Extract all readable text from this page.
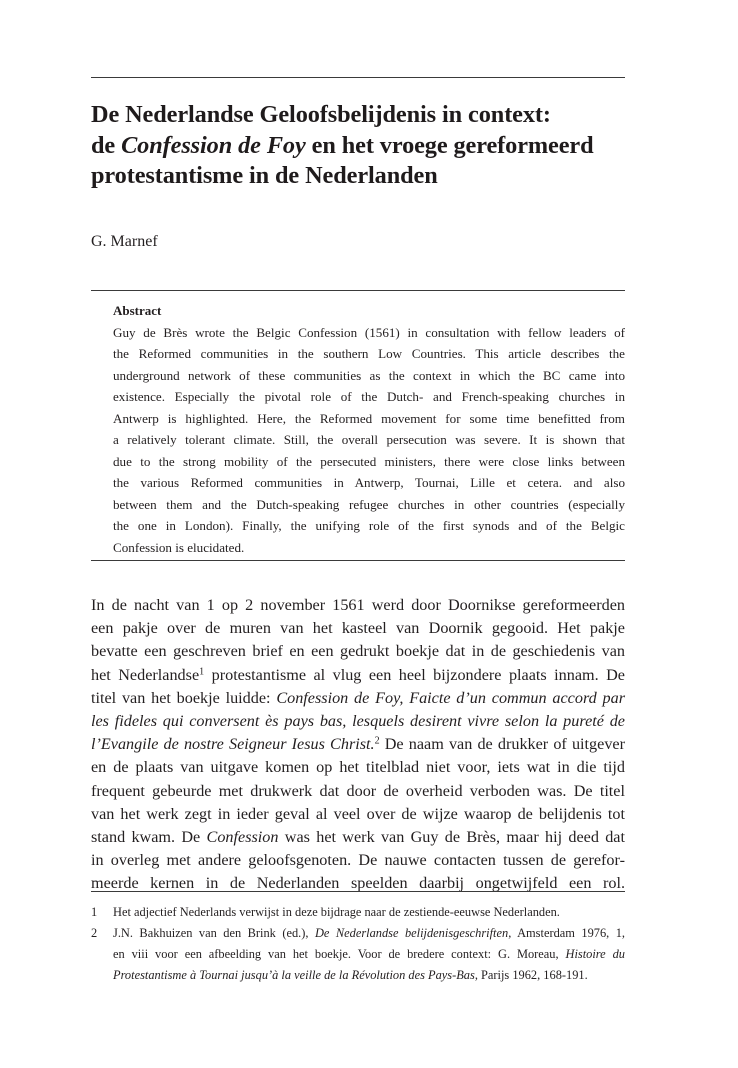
De Nederlandse Geloofsbelijdenis in context:
de Confession de Foy en het vroege gereformeerd
protestantisme in de Nederlanden
G. Marnef
Abstract
Guy de Brès wrote the Belgic Confession (1561) in consultation with fellow leaders of
the Reformed communities in the southern Low Countries. This article describes the
underground network of these communities as the context in which the BC came into
existence. Especially the pivotal role of the Dutch- and French-speaking churches in
Antwerp is highlighted. Here, the Reformed movement for some time benefitted from
a relatively tolerant climate. Still, the overall persecution was severe. It is shown that
due to the strong mobility of the persecuted ministers, there were close links between
the various Reformed communities in Antwerp, Tournai, Lille et cetera. and also
between them and the Dutch-speaking refugee churches in other countries (especially
the one in London). Finally, the unifying role of the first synods and of the Belgic
Confession is elucidated.
In de nacht van 1 op 2 november 1561 werd door Doornikse gereformeerden
een pakje over de muren van het kasteel van Doornik gegooid. Het pakje
bevatte een geschreven brief en een gedrukt boekje dat in de geschiedenis van
het Nederlandse$^1$ protestantisme al vlug een heel bijzondere plaats innam. De
titel van het boekje luidde: Confession de Foy, Faicte d’un commun accord par
les fideles qui conversent ès pays bas, lesquels desirent vivre selon la pureté de
l’Evangile de nostre Seigneur Iesus Christ.$^2$ De naam van de drukker of uitgever
en de plaats van uitgave komen op het titelblad niet voor, iets wat in die tijd
frequent gebeurde met drukwerk dat door de overheid verboden was. De titel
van het werk zegt in ieder geval al veel over de wijze waarop de belijdenis tot
stand kwam. De Confession was het werk van Guy de Brès, maar hij deed dat
in overleg met andere geloofsgenoten. De nauwe contacten tussen de gerefor-
meerde kernen in de Nederlanden speelden daarbij ongetwijfeld een rol.
1 Het adjectief Nederlands verwijst in deze bijdrage naar de zestiende-eeuwse Nederlanden.
2 J.N. Bakhuizen van den Brink (ed.), De Nederlandse belijdenisgeschriften, Amsterdam 1976, 1,
en viii voor een afbeelding van het boekje. Voor de bredere context: G. Moreau, Histoire du
Protestantisme à Tournai jusqu’à la veille de la Révolution des Pays-Bas, Parijs 1962, 168-191.
